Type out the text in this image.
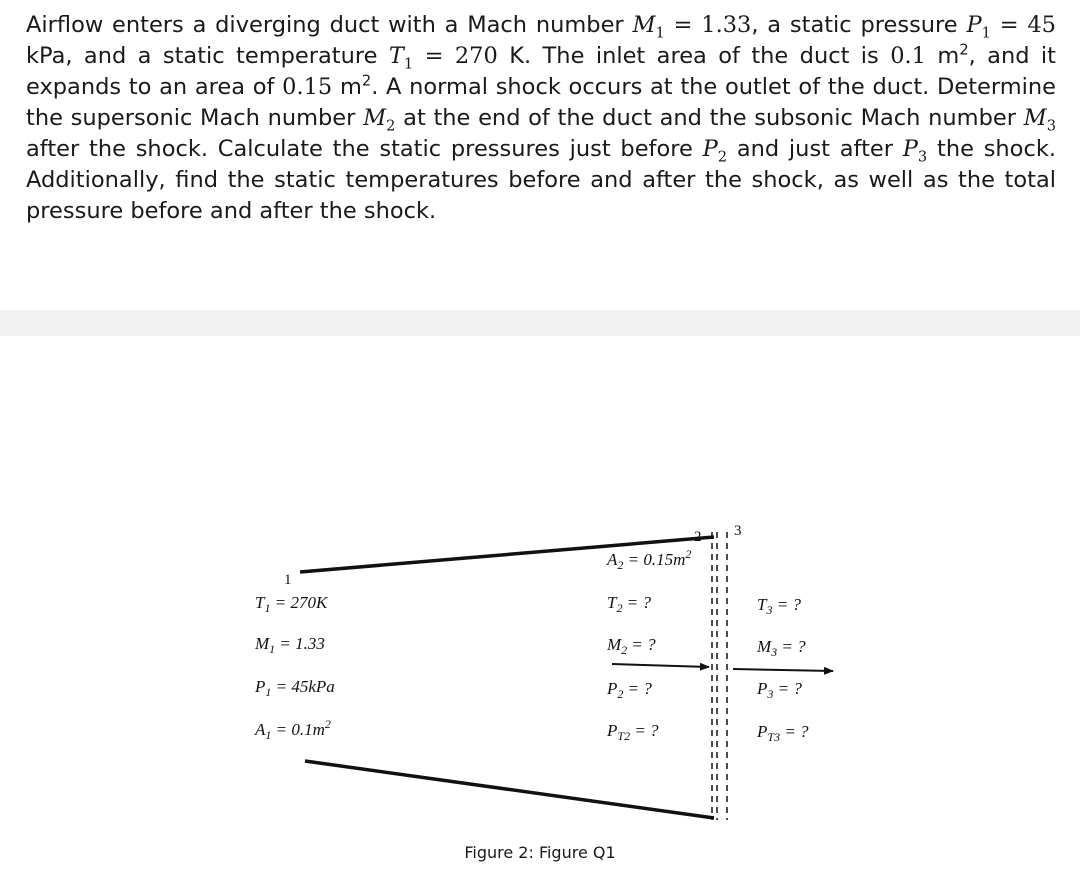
Airflow enters a diverging duct with a Mach number $M_1 = 1.33$, a static pressure $P_1 = 45$ kPa, and a static temperature $T_1 = 270$ K. The inlet area of the duct is 0.1 $m^2$, and it expands to an area of 0.15 $m^2$. A normal shock occurs at the outlet of the duct. Determine the supersonic Mach number $M_2$ at the end of the duct and the subsonic Mach number $M_3$ after the shock. Calculate the static pressures just before $P_2$ and just after $P_3$ the shock. Additionally, find the static temperatures before and after the shock, as well as the total pressure before and after the shock.

1
2 3
$T_1 = 270K$
$M_1 = 1.33$
$P_1 = 45kPa$
$A_1 = 0.1m^2$
$A_2 = 0.15m^2$
$T_2$ = ?
$M_2$ = ?
$P_2$ = ?
$P_{T2}$ = ?
$T_3$ = ?
$M_3$ = ?
$P_3$ = ?
$P_{T3}$ = ?
Figure 2: Figure Q1
